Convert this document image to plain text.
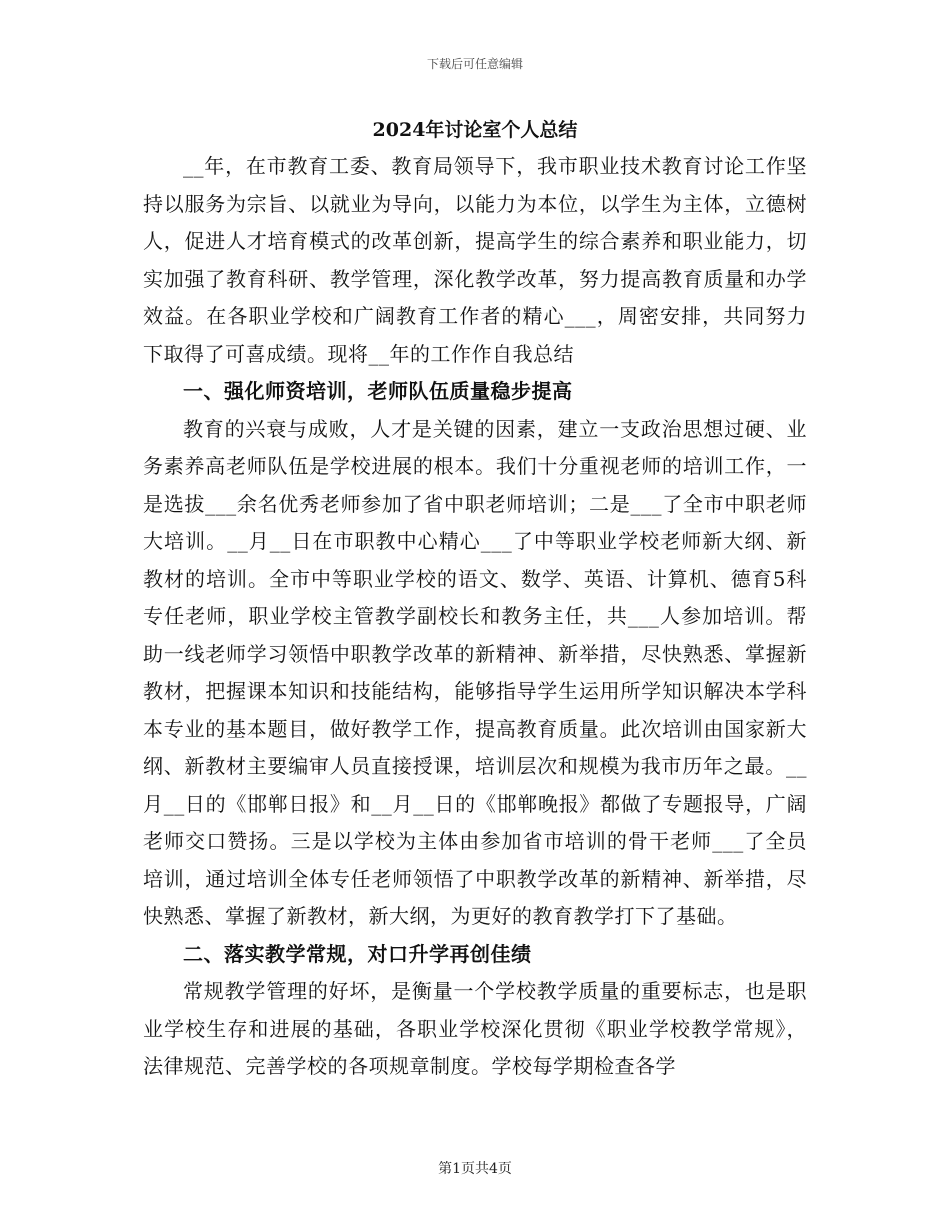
下载后可任意编辑
2024年讨论室个人总结

__年，在市教育工委、教育局领导下，我市职业技术教育讨论工作坚持以服务为宗旨、以就业为导向，以能力为本位，以学生为主体，立德树人，促进人才培育模式的改革创新，提高学生的综合素养和职业能力，切实加强了教育科研、教学管理，深化教学改革，努力提高教育质量和办学效益。在各职业学校和广阔教育工作者的精心___，周密安排，共同努力下取得了可喜成绩。现将__年的工作作自我总结

一、强化师资培训，老师队伍质量稳步提高

教育的兴衰与成败，人才是关键的因素，建立一支政治思想过硬、业务素养高老师队伍是学校进展的根本。我们十分重视老师的培训工作，一是选拔___余名优秀老师参加了省中职老师培训；二是___了全市中职老师大培训。__月__日在市职教中心精心___了中等职业学校老师新大纲、新教材的培训。全市中等职业学校的语文、数学、英语、计算机、德育5科专任老师，职业学校主管教学副校长和教务主任，共___人参加培训。帮助一线老师学习领悟中职教学改革的新精神、新举措，尽快熟悉、掌握新教材，把握课本知识和技能结构，能够指导学生运用所学知识解决本学科本专业的基本题目，做好教学工作，提高教育质量。此次培训由国家新大纲、新教材主要编审人员直接授课，培训层次和规模为我市历年之最。__月__日的《邯郸日报》和__月__日的《邯郸晚报》都做了专题报导，广阔老师交口赞扬。三是以学校为主体由参加省市培训的骨干老师___了全员培训，通过培训全体专任老师领悟了中职教学改革的新精神、新举措，尽快熟悉、掌握了新教材，新大纲，为更好的教育教学打下了基础。

二、落实教学常规，对口升学再创佳绩

常规教学管理的好坏，是衡量一个学校教学质量的重要标志，也是职业学校生存和进展的基础，各职业学校深化贯彻《职业学校教学常规》，法律规范、完善学校的各项规章制度。学校每学期检查各学

第1页共4页
